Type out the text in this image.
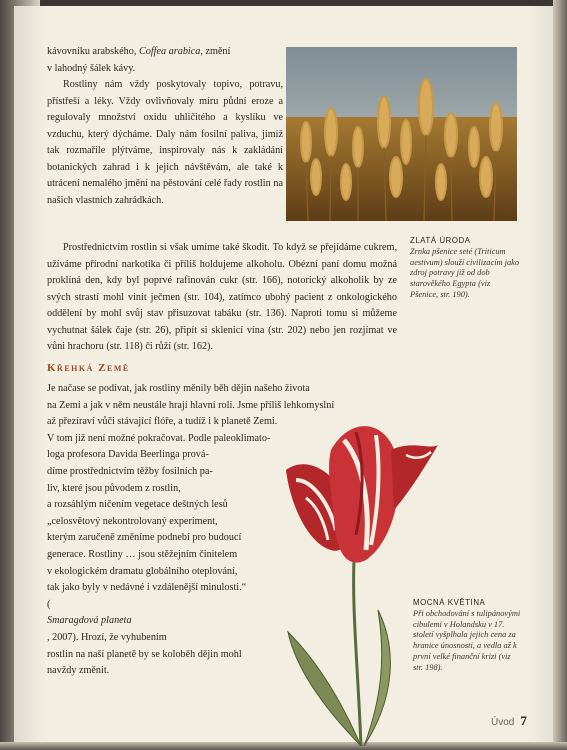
kávovníku arabského, Coffea arabica, změní

v lahodný šálek kávy.

Rostliny nám vždy poskytovaly topivo, potravu, přístřeší a léky. Vždy ovlivňovaly míru půdní eroze a regulovaly množství oxidu uhličitého a kyslíku ve vzduchu, který dýcháme. Daly nám fosilní paliva, jimiž tak rozmařile plýtváme, inspirovaly nás k zakládání botanických zahrad i k jejich návštěvám, ale také k utrácení nemalého jmění na pěstování celé řady rostlin na našich vlastních zahrádkách.

Prostřednictvím rostlin si však umíme také škodit. To když se přejídáme cukrem, užíváme přírodní narkotika či příliš holdujeme alkoholu. Obézní paní domu možná proklíná den, kdy byl poprvé rafinován cukr (str. 166), notorický alkoholik by ze svých strastí mohl vinit ječmen (str. 104), zatímco ubohý pacient z onkologického oddělení by mohl svůj stav přisuzovat tabáku (str. 136). Naproti tomu si můžeme vychutnat šálek čaje (str. 26), připít si sklenicí vína (str. 202) nebo jen rozjímat ve vůni hrachoru (str. 118) či růží (str. 162).

ZLATÁ ÚRODA
Zrnka pšenice seté (Triticum aestivum) slouží civilizacím jako zdroj potravy již od dob starověkého Egypta (viz Pšenice, str. 190).
Křehká Země
Je načase se podívat, jak rostliny měnily běh dějin našeho života
na Zemi a jak v něm neustále hrají hlavní roli. Jsme příliš lehkomyslní
až přezíraví vůči stávající flóře, a tudíž i k planetě Zemi.
V tom již není možné pokračovat. Podle paleoklimato-
loga profesora Davida Beerlinga prová-
díme prostřednictvím těžby fosilních pa-
liv, které jsou původem z rostlin,
a rozsáhlým ničením vegetace deštných lesů
„celosvětový nekontrolovaný experiment,
kterým zaručeně změníme podnebí pro budoucí
generace. Rostliny … jsou stěžejním činitelem
v ekologickém dramatu globálního oteplování,
tak jako byly v nedávné i vzdálenější minulosti.“
(
Smaragdová planeta
, 2007). Hrozí, že vyhubením
rostlin na naší planetě by se koloběh dějin mohl
navždy změnit.
MOCNÁ KVĚTINA
Při obchodování s tulipánovými cibulemi v Holandsku v 17. století vyšplhala jejich cena za hranice únosnosti, a vedla až k první velké finanční krizi (viz str. 198).
Úvod 7
